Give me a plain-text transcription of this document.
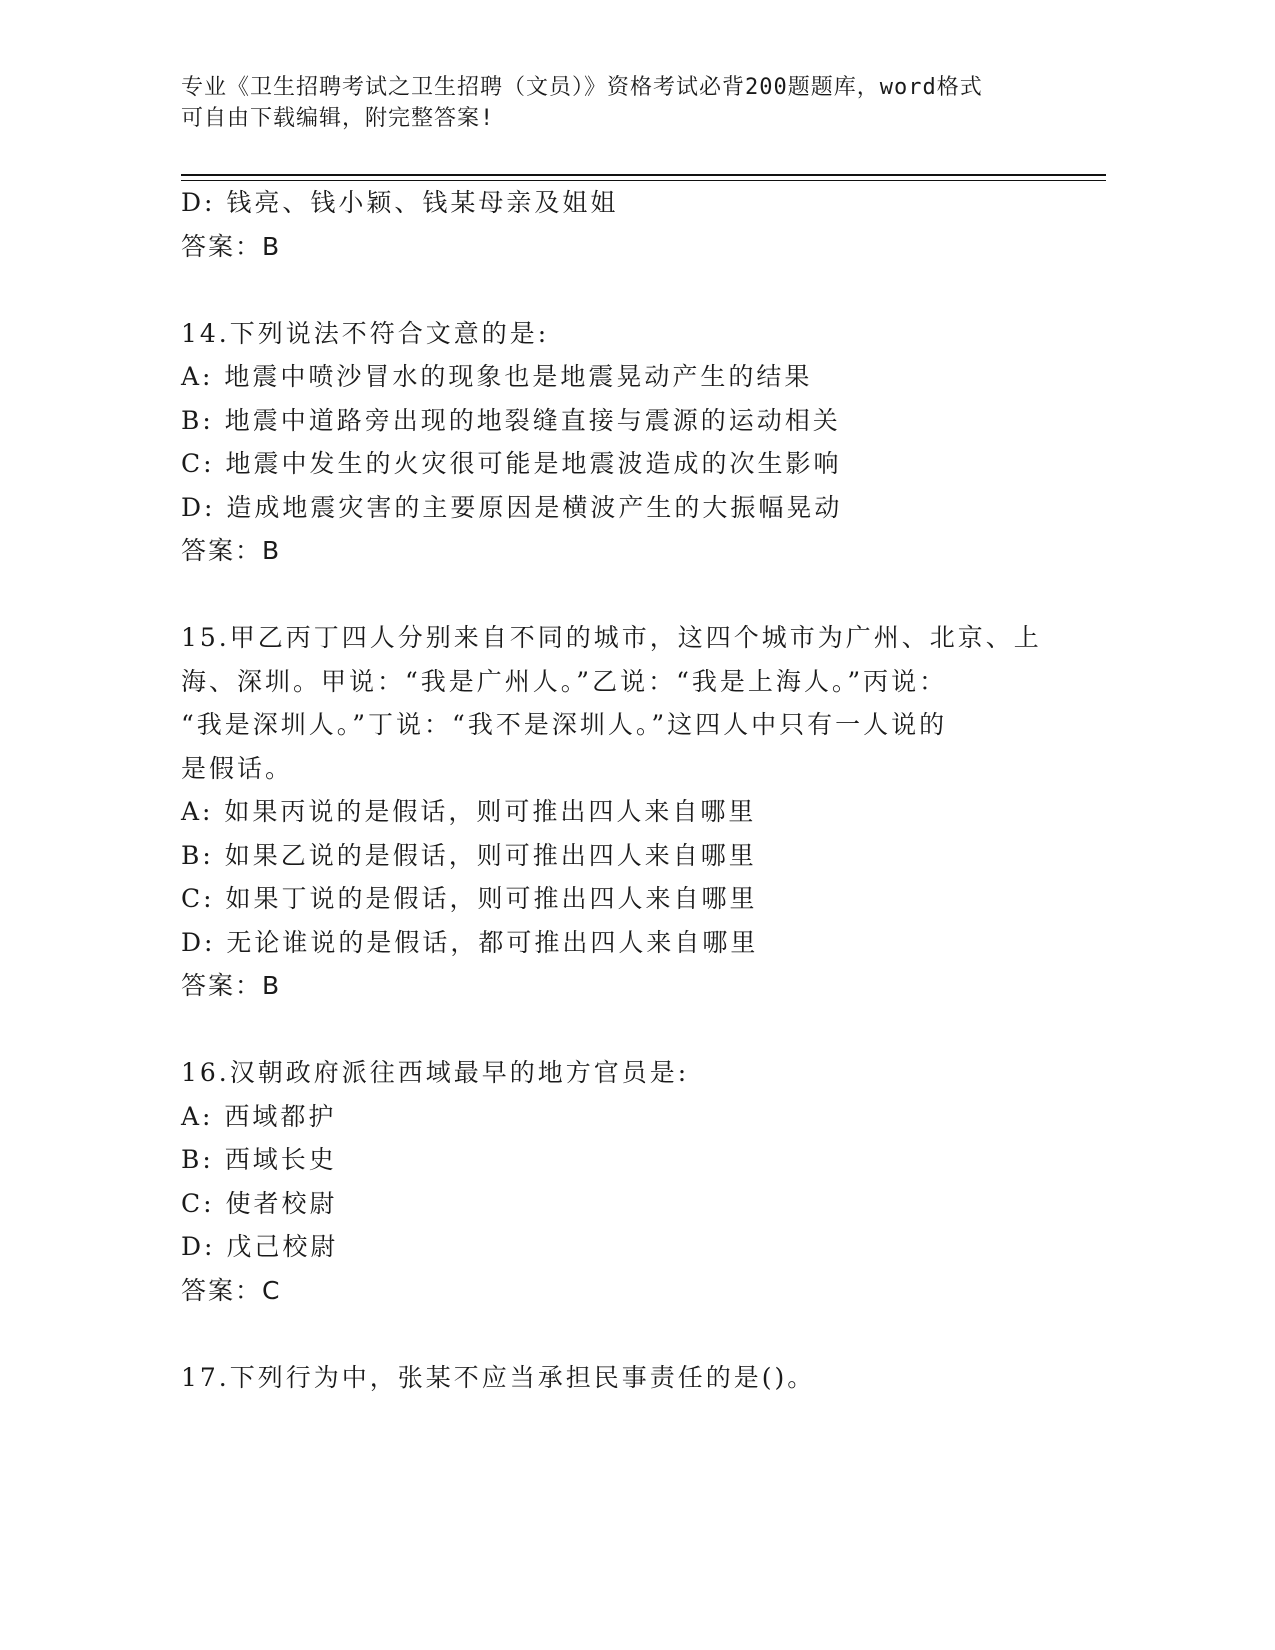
专业《卫生招聘考试之卫生招聘（文员）》资格考试必背200题题库，word格式
可自由下载编辑，附完整答案!
D: 钱亮、钱小颖、钱某母亲及姐姐
答案：B
14.下列说法不符合文意的是:
A: 地震中喷沙冒水的现象也是地震晃动产生的结果
B: 地震中道路旁出现的地裂缝直接与震源的运动相关
C: 地震中发生的火灾很可能是地震波造成的次生影响
D: 造成地震灾害的主要原因是横波产生的大振幅晃动
答案：B
15.甲乙丙丁四人分别来自不同的城市，这四个城市为广州、北京、上
海、深圳。甲说：“我是广州人。”乙说：“我是上海人。”丙说：
“我是深圳人。”丁说：“我不是深圳人。”这四人中只有一人说的
是假话。
A: 如果丙说的是假话，则可推出四人来自哪里
B: 如果乙说的是假话，则可推出四人来自哪里
C: 如果丁说的是假话，则可推出四人来自哪里
D: 无论谁说的是假话，都可推出四人来自哪里
答案：B
16.汉朝政府派往西域最早的地方官员是:
A: 西域都护
B: 西域长史
C: 使者校尉
D: 戊己校尉
答案：C
17.下列行为中，张某不应当承担民事责任的是()。
